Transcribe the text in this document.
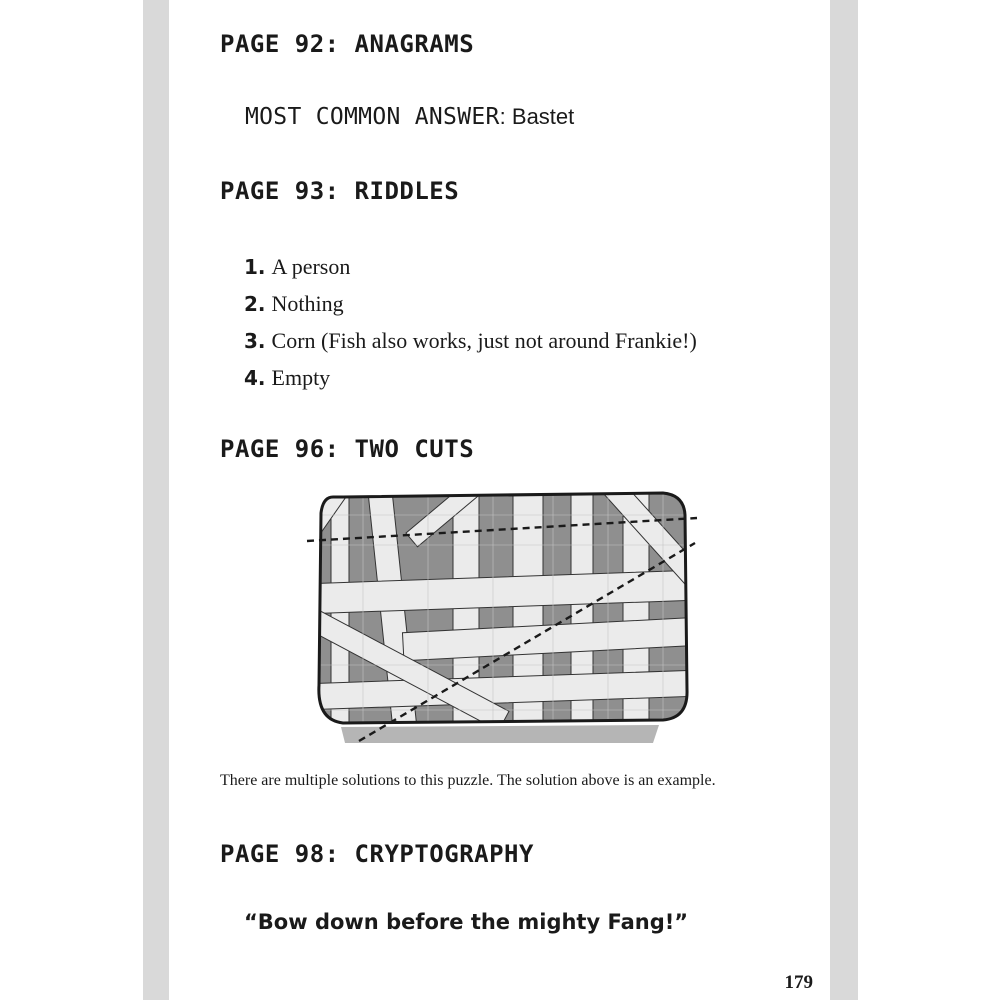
PAGE 92: ANAGRAMS
MOST COMMON ANSWER: Bastet
PAGE 93: RIDDLES
1. A person
2. Nothing
3. Corn (Fish also works, just not around Frankie!)
4. Empty
PAGE 96: TWO CUTS
There are multiple solutions to this puzzle. The solution above is an example.
PAGE 98: CRYPTOGRAPHY
“Bow down before the mighty Fang!”
179
